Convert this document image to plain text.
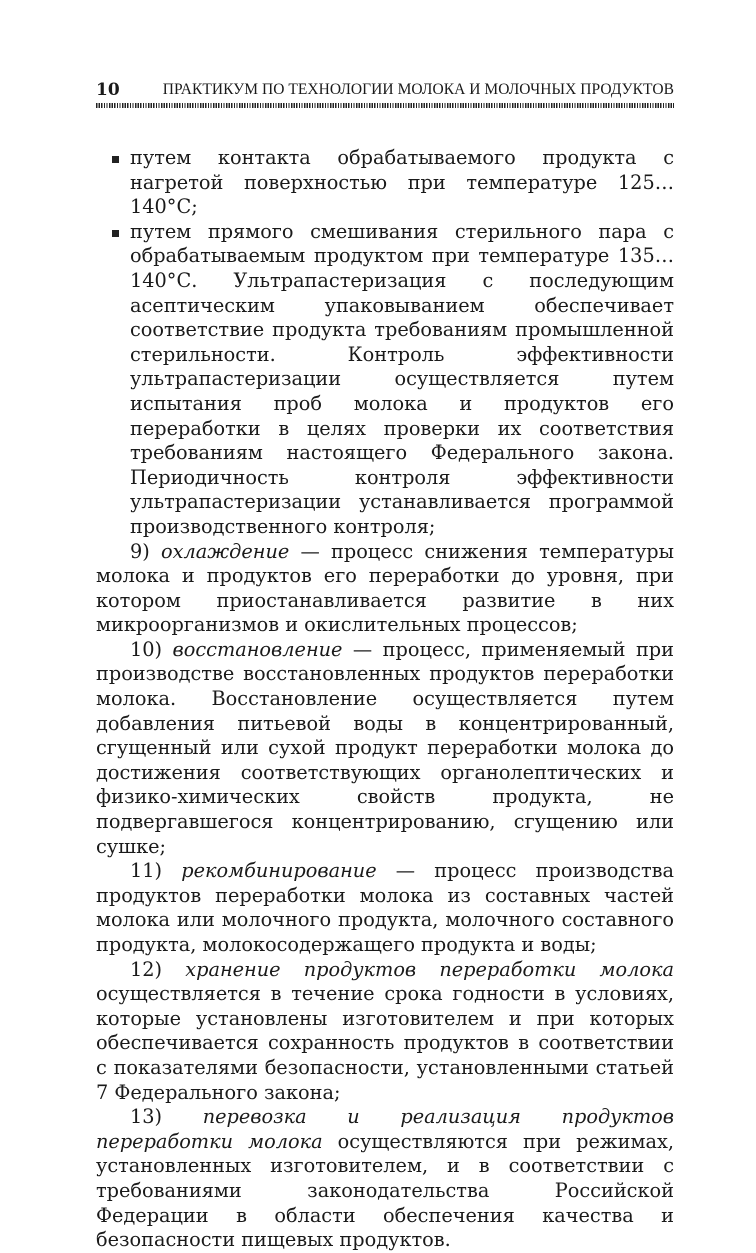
10	ПРАКТИКУМ ПО ТЕХНОЛОГИИ МОЛОКА И МОЛОЧНЫХ ПРОДУКТОВ

путем контакта обрабатываемого продукта с нагретой поверхностью при температуре 125…140°С;

путем прямого смешивания стерильного пара с обрабатываемым продуктом при температуре 135…140°С. Ультрапастеризация с последующим асептическим упаковыванием обеспечивает соответствие продукта требованиям промышленной стерильности. Контроль эффективности ультрапастеризации осуществляется путем испытания проб молока и продуктов его переработки в целях проверки их соответствия требованиям настоящего Федерального закона. Периодичность контроля эффективности ультрапастеризации устанавливается программой производственного контроля;

9) охлаждение — процесс снижения температуры молока и продуктов его переработки до уровня, при котором приостанавливается развитие в них микроорганизмов и окислительных процессов;

10) восстановление — процесс, применяемый при производстве восстановленных продуктов переработки молока. Восстановление осуществляется путем добавления питьевой воды в концентрированный, сгущенный или сухой продукт переработки молока до достижения соответствующих органолептических и физико-химических свойств продукта, не подвергавшегося концентрированию, сгущению или сушке;

11) рекомбинирование — процесс производства продуктов переработки молока из составных частей молока или молочного продукта, молочного составного продукта, молокосодержащего продукта и воды;

12) хранение продуктов переработки молока осуществляется в течение срока годности в условиях, которые установлены изготовителем и при которых обеспечивается сохранность продуктов в соответствии с показателями безопасности, установленными статьей 7 Федерального закона;

13) перевозка и реализация продуктов переработки молока осуществляются при режимах, установленных изготовителем, и в соответствии с требованиями законодательства Российской Федерации в области обеспечения качества и безопасности пищевых продуктов.
